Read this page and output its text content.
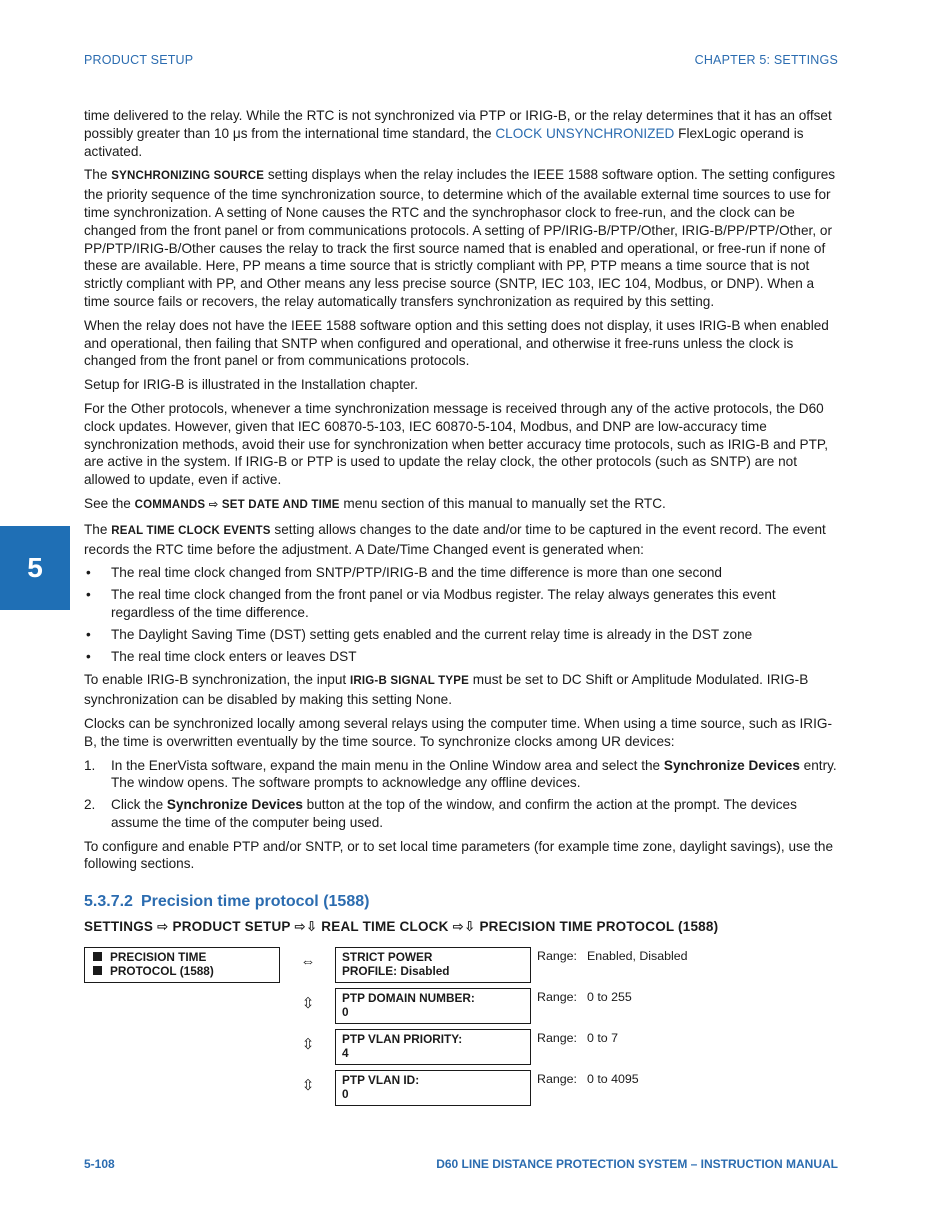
PRODUCT SETUP	CHAPTER 5: SETTINGS
5

time delivered to the relay. While the RTC is not synchronized via PTP or IRIG-B, or the relay determines that it has an offset possibly greater than 10 μs from the international time standard, the CLOCK UNSYNCHRONIZED FlexLogic operand is activated.

The SYNCHRONIZING SOURCE setting displays when the relay includes the IEEE 1588 software option. The setting configures the priority sequence of the time synchronization source, to determine which of the available external time sources to use for time synchronization. A setting of None causes the RTC and the synchrophasor clock to free-run, and the clock can be changed from the front panel or from communications protocols. A setting of PP/IRIG-B/PTP/Other, IRIG-B/PP/PTP/Other, or PP/PTP/IRIG-B/Other causes the relay to track the first source named that is enabled and operational, or free-run if none of these are available. Here, PP means a time source that is strictly compliant with PP, PTP means a time source that is not strictly compliant with PP, and Other means any less precise source (SNTP, IEC 103, IEC 104, Modbus, or DNP). When a time source fails or recovers, the relay automatically transfers synchronization as required by this setting.

When the relay does not have the IEEE 1588 software option and this setting does not display, it uses IRIG-B when enabled and operational, then failing that SNTP when configured and operational, and otherwise it free-runs unless the clock is changed from the front panel or from communications protocols.

Setup for IRIG-B is illustrated in the Installation chapter.

For the Other protocols, whenever a time synchronization message is received through any of the active protocols, the D60 clock updates. However, given that IEC 60870-5-103, IEC 60870-5-104, Modbus, and DNP are low-accuracy time synchronization methods, avoid their use for synchronization when better accuracy time protocols, such as IRIG-B and PTP, are active in the system. If IRIG-B or PTP is used to update the relay clock, the other protocols (such as SNTP) are not allowed to update, even if active.

See the COMMANDS ⇨ SET DATE AND TIME menu section of this manual to manually set the RTC.

The REAL TIME CLOCK EVENTS setting allows changes to the date and/or time to be captured in the event record. The event records the RTC time before the adjustment. A Date/Time Changed event is generated when:

• The real time clock changed from SNTP/PTP/IRIG-B and the time difference is more than one second
• The real time clock changed from the front panel or via Modbus register. The relay always generates this event regardless of the time difference.
• The Daylight Saving Time (DST) setting gets enabled and the current relay time is already in the DST zone
• The real time clock enters or leaves DST

To enable IRIG-B synchronization, the input IRIG-B SIGNAL TYPE must be set to DC Shift or Amplitude Modulated. IRIG-B synchronization can be disabled by making this setting None.

Clocks can be synchronized locally among several relays using the computer time. When using a time source, such as IRIG-B, the time is overwritten eventually by the time source. To synchronize clocks among UR devices:

1. In the EnerVista software, expand the main menu in the Online Window area and select the Synchronize Devices entry. The window opens. The software prompts to acknowledge any offline devices.
2. Click the Synchronize Devices button at the top of the window, and confirm the action at the prompt. The devices assume the time of the computer being used.

To configure and enable PTP and/or SNTP, or to set local time parameters (for example time zone, daylight savings), use the following sections.

5.3.7.2 Precision time protocol (1588)
SETTINGS ⇨ PRODUCT SETUP ⇨⇩ REAL TIME CLOCK ⇨⇩ PRECISION TIME PROTOCOL (1588)
PRECISION TIME
PROTOCOL (1588)
⇔ STRICT POWER
PROFILE: Disabled
Range: Enabled, Disabled
⇳	PTP DOMAIN NUMBER:
0
Range: 0 to 255
⇳	PTP VLAN PRIORITY:
4
Range: 0 to 7
⇳	PTP VLAN ID:
0
Range: 0 to 4095
5-108	D60 LINE DISTANCE PROTECTION SYSTEM – INSTRUCTION MANUAL
